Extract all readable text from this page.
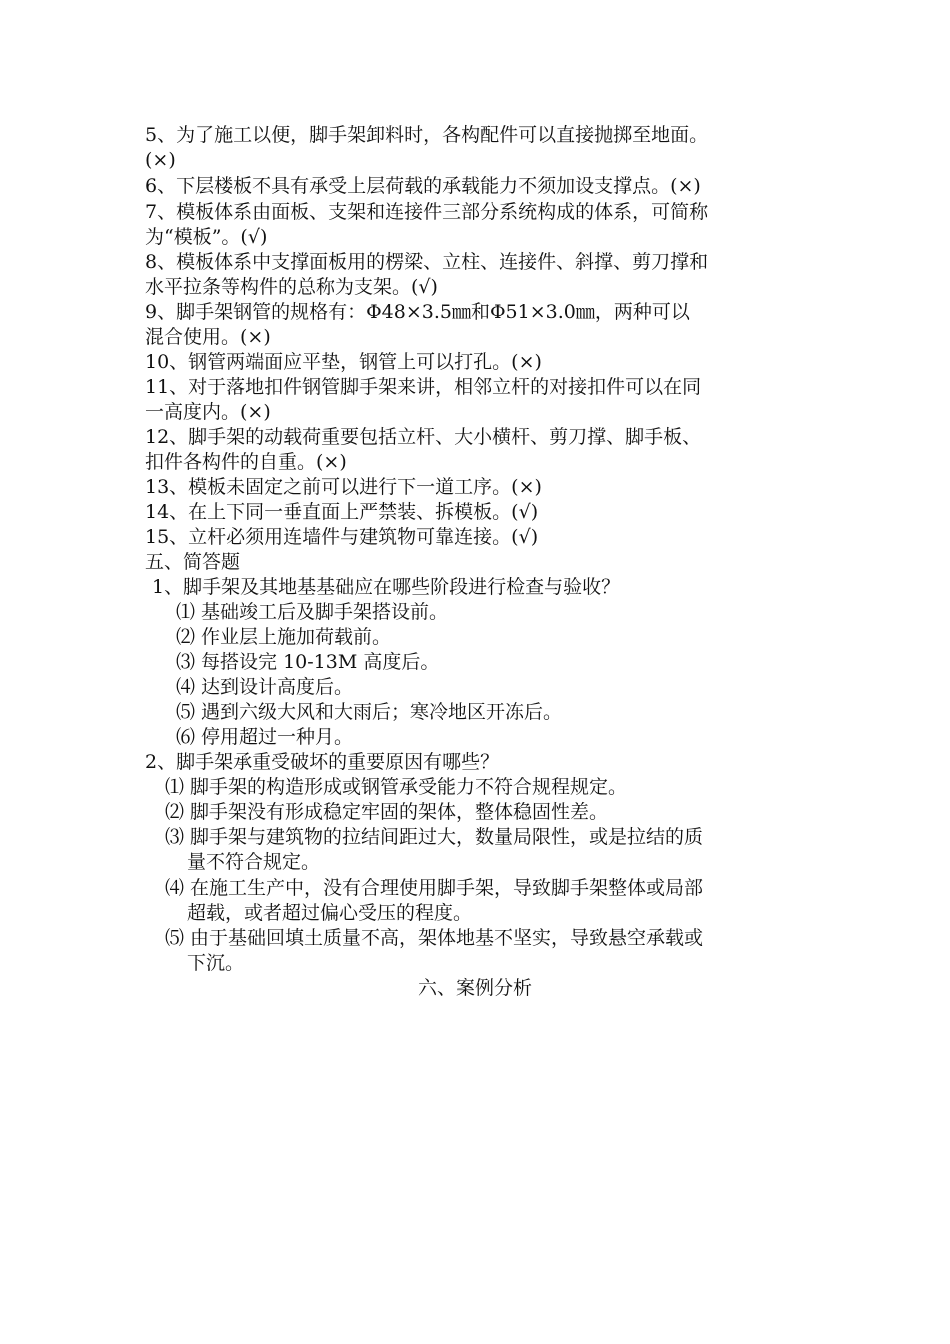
5、为了施工以便，脚手架卸料时，各构配件可以直接抛掷至地面。
(×)
6、下层楼板不具有承受上层荷载的承载能力不须加设支撑点。(×)
7、模板体系由面板、支架和连接件三部分系统构成的体系，可简称
为“模板”。(√)
8、模板体系中支撑面板用的楞梁、立柱、连接件、斜撑、剪刀撑和
水平拉条等构件的总称为支架。(√)
9、脚手架钢管的规格有：Φ48×3.5㎜和Φ51×3.0㎜，两种可以
混合使用。(×)
10、钢管两端面应平垫，钢管上可以打孔。(×)
11、对于落地扣件钢管脚手架来讲，相邻立杆的对接扣件可以在同
一高度内。(×)
12、脚手架的动载荷重要包括立杆、大小横杆、剪刀撑、脚手板、
扣件各构件的自重。(×)
13、模板未固定之前可以进行下一道工序。(×)
14、在上下同一垂直面上严禁装、拆模板。(√)
15、立杆必须用连墙件与建筑物可靠连接。(√)
五、简答题
1、脚手架及其地基基础应在哪些阶段进行检查与验收？
⑴ 基础竣工后及脚手架搭设前。
⑵ 作业层上施加荷载前。
⑶ 每搭设完 10-13M 高度后。
⑷ 达到设计高度后。
⑸ 遇到六级大风和大雨后；寒冷地区开冻后。
⑹ 停用超过一种月。
2、脚手架承重受破坏的重要原因有哪些？
⑴ 脚手架的构造形成或钢管承受能力不符合规程规定。
⑵ 脚手架没有形成稳定牢固的架体，整体稳固性差。
⑶ 脚手架与建筑物的拉结间距过大，数量局限性，或是拉结的质
量不符合规定。
⑷ 在施工生产中，没有合理使用脚手架，导致脚手架整体或局部
超载，或者超过偏心受压的程度。
⑸ 由于基础回填土质量不高，架体地基不坚实，导致悬空承载或
下沉。
六、案例分析
